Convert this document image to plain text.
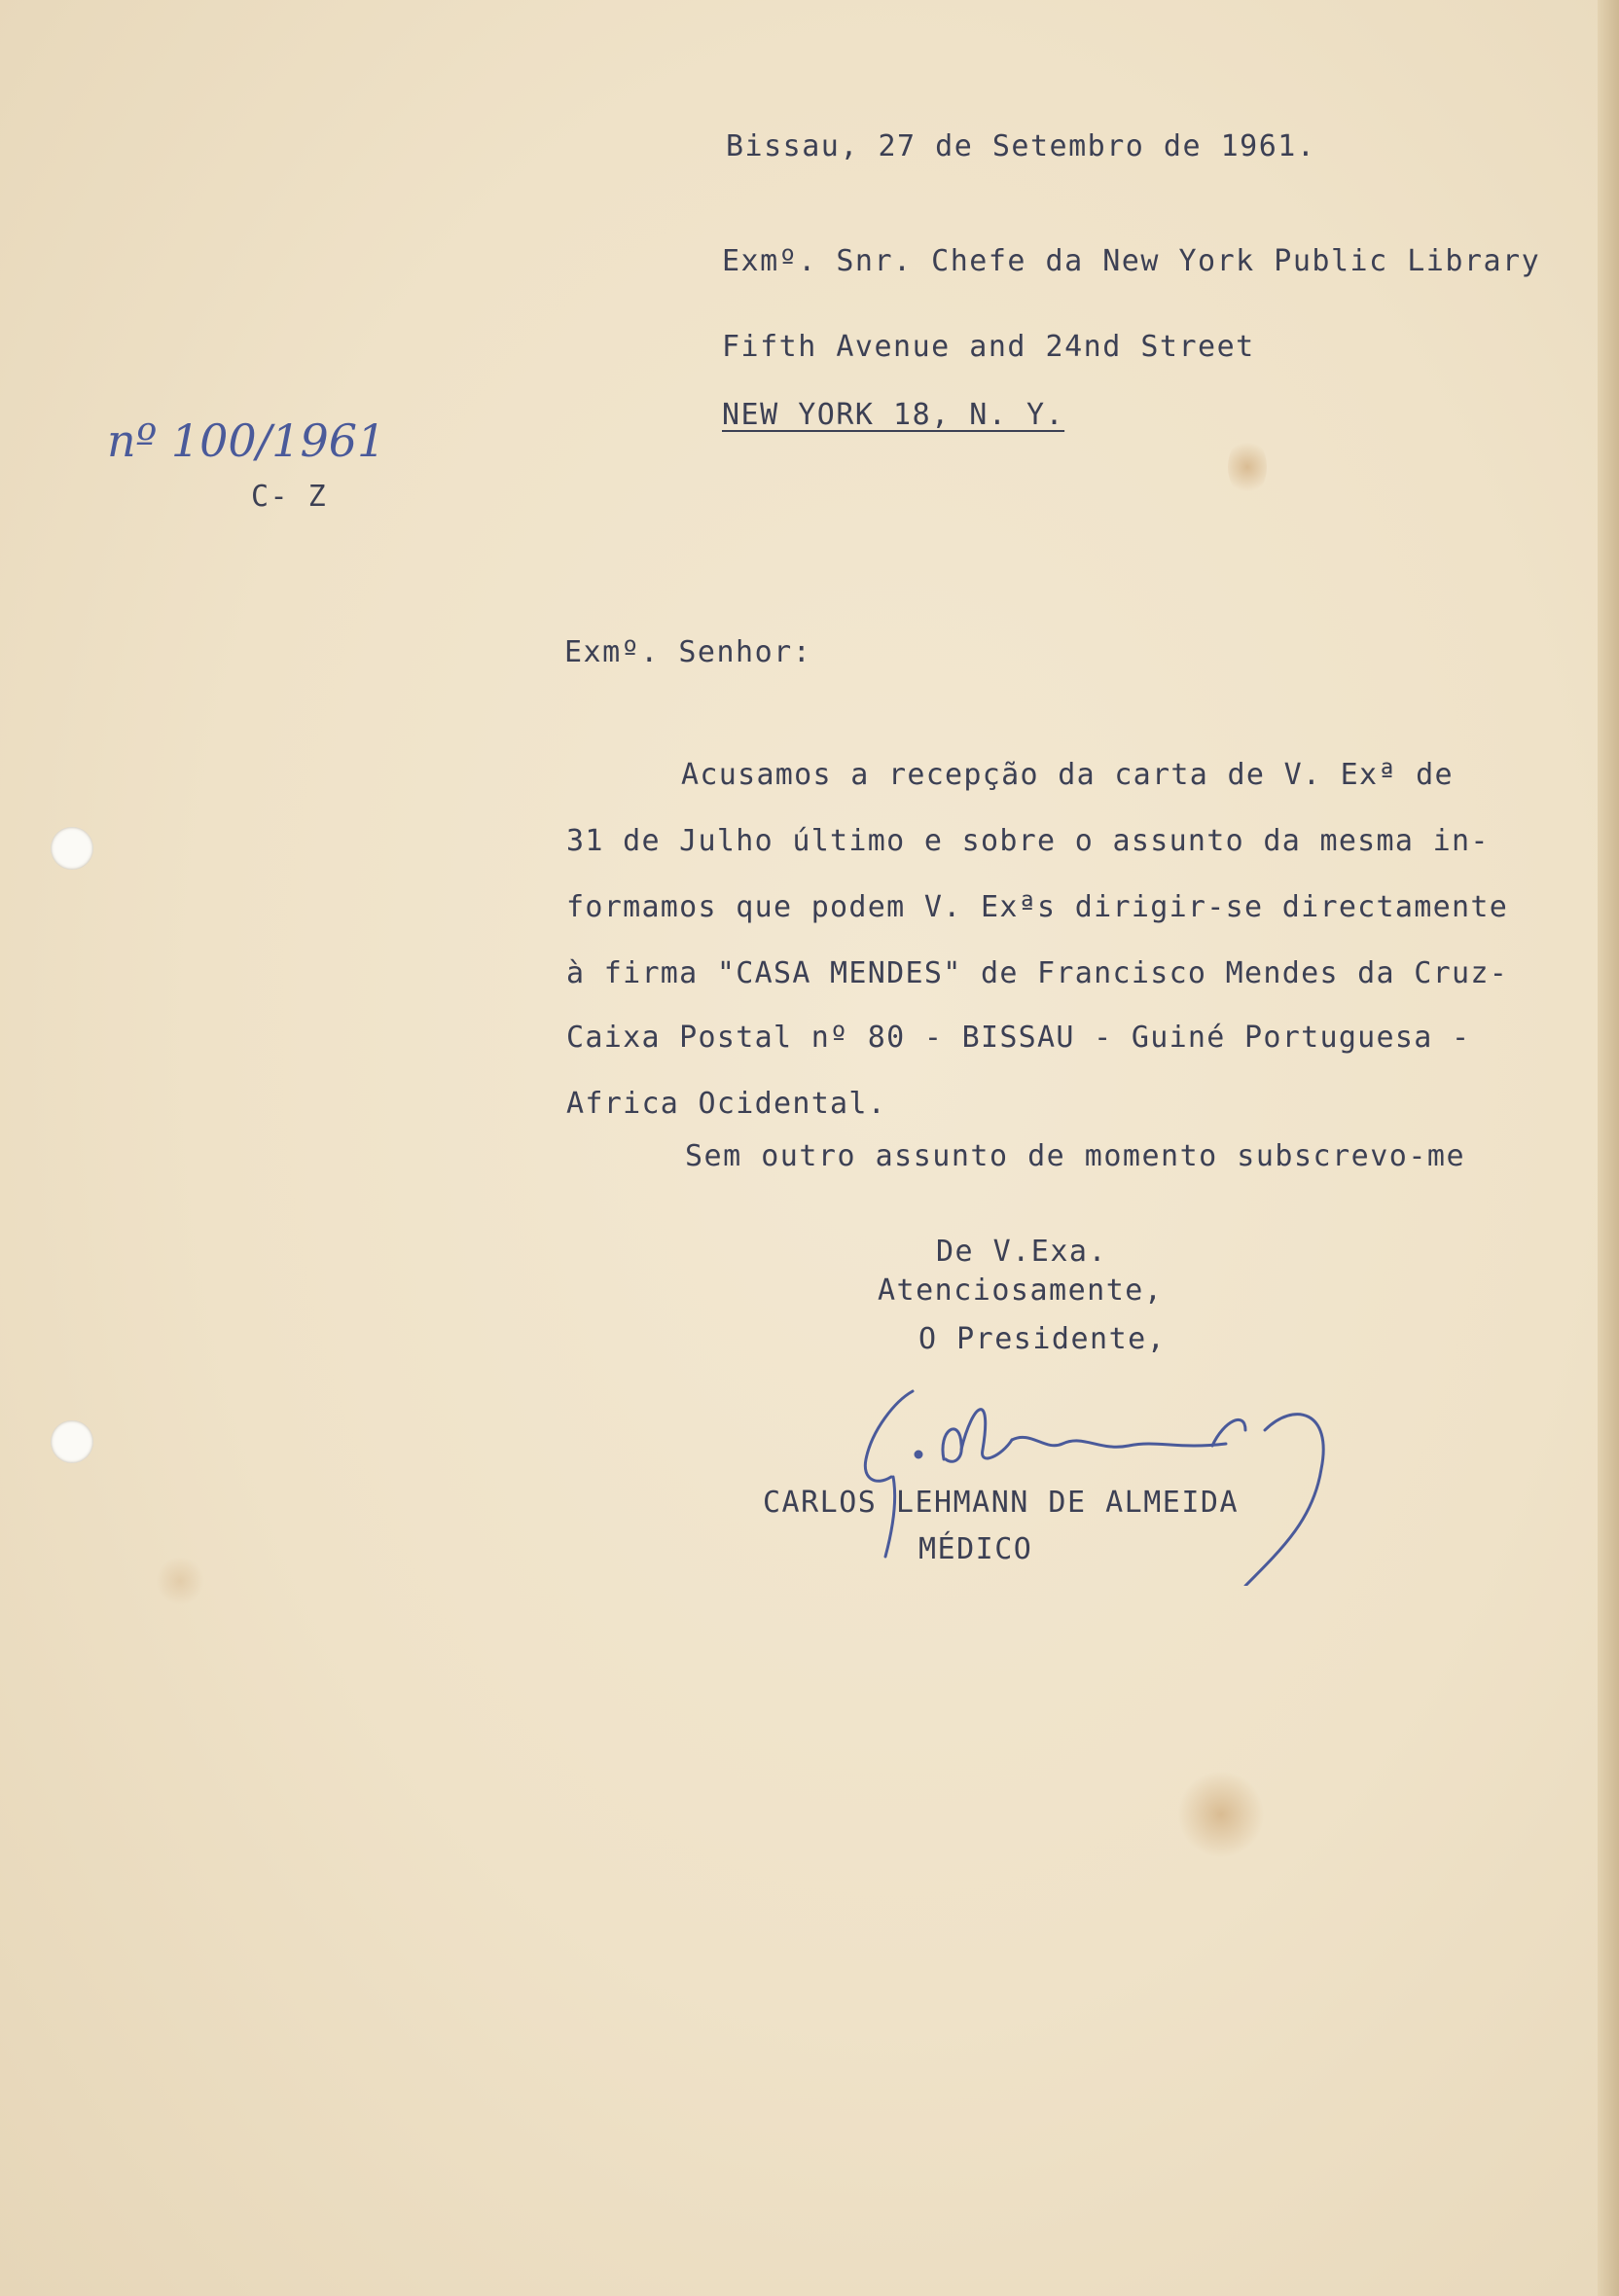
Bissau, 27 de Setembro de 1961.

Exmº. Snr. Chefe da New York Public Library

Fifth Avenue and 24nd Street

NEW YORK 18, N. Y.

nº 100/1961
C- Z

Exmº. Senhor:

Acusamos a recepção da carta de V. Exª de

31 de Julho último e sobre o assunto da mesma in-

formamos que podem V. Exªs dirigir-se directamente

à firma "CASA MENDES" de Francisco Mendes da Cruz-

Caixa Postal nº 80 - BISSAU - Guiné Portuguesa -

Africa Ocidental.

Sem outro assunto de momento subscrevo-me

De V.Exa.

Atenciosamente,

O Presidente,

CARLOS LEHMANN DE ALMEIDA

MÉDICO
